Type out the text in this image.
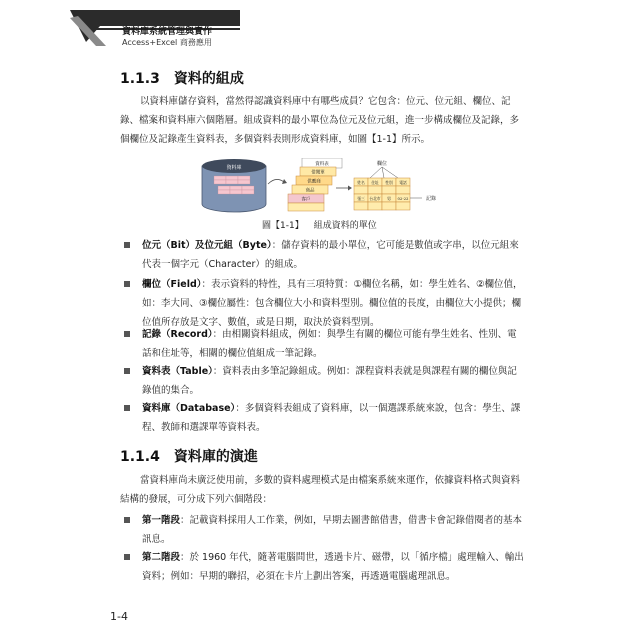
資料庫系統管理與實作
Access+Excel 商務應用
1.1.3 資料的組成
以資料庫儲存資料，當然得認識資料庫中有哪些成員？它包含：位元、位元組、欄位、記錄、檔案和資料庫六個階層。組成資料的最小單位為位元及位元組，進一步構成欄位及記錄，多個欄位及記錄產生資料表，多個資料表則形成資料庫，如圖【1-1】所示。
資料庫
資料表
借閱單
供應商
商品
客戶
欄位
姓名 住址 性別 電話
張三 台北市 男 02-22	記錄
圖【1-1】 組成資料的單位
位元（Bit）及位元組（Byte）：儲存資料的最小單位，它可能是數值或字串，以位元組來代表一個字元（Character）的組成。
欄位（Field）：表示資料的特性，具有三項特質：①欄位名稱，如：學生姓名、②欄位值，如：李大同、③欄位屬性：包含欄位大小和資料型別。欄位值的長度，由欄位大小提供；欄位值所存放是文字、數值，或是日期，取決於資料型別。
記錄（Record）：由相關資料組成，例如：與學生有關的欄位可能有學生姓名、性別、電話和住址等，相關的欄位值組成一筆記錄。
資料表（Table）：資料表由多筆記錄組成。例如：課程資料表就是與課程有關的欄位與記錄值的集合。
資料庫（Database）：多個資料表組成了資料庫，以一個選課系統來說，包含：學生、課程、教師和選課單等資料表。
1.1.4 資料庫的演進
當資料庫尚未廣泛使用前，多數的資料處理模式是由檔案系統來運作，依據資料格式與資料結構的發展，可分成下列六個階段：
第一階段：記載資料採用人工作業，例如，早期去圖書館借書，借書卡會記錄借閱者的基本訊息。
第二階段：於 1960 年代，隨著電腦問世，透過卡片、磁帶，以「循序檔」處理輸入、輸出資料；例如：早期的聯招，必須在卡片上劃出答案，再透過電腦處理訊息。
1-4
